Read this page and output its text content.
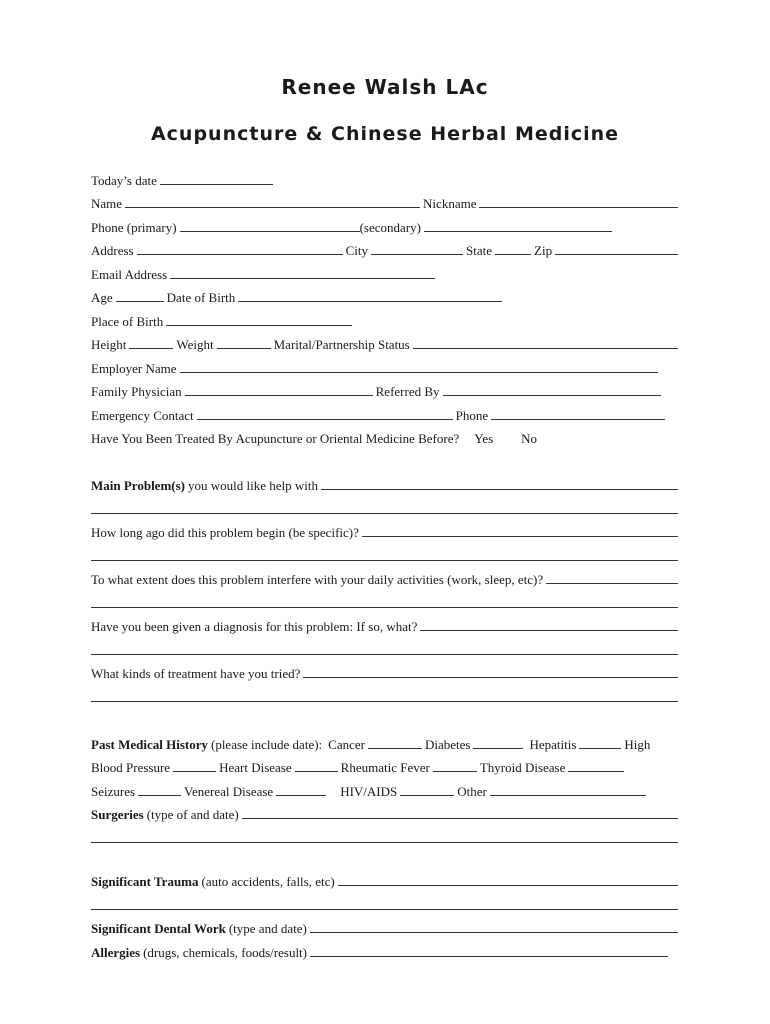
Renee Walsh LAc
Acupuncture & Chinese Herbal Medicine
Today’s date
Name	Nickname
Phone (primary)	(secondary)
Address	City	State	Zip
Email Address
Age	Date of Birth
Place of Birth
Height	Weight	Marital/Partnership Status
Employer Name
Family Physician	Referred By
Emergency Contact	Phone
Have You Been Treated By Acupuncture or Oriental Medicine Before? Yes No
Main Problem(s) you would like help with
How long ago did this problem begin (be specific)?
To what extent does this problem interfere with your daily activities (work, sleep, etc)?
Have you been given a diagnosis for this problem: If so, what?
What kinds of treatment have you tried?
Past Medical History (please include date): Cancer	Diabetes	Hepatitis	High
Blood Pressure	Heart Disease	Rheumatic Fever	Thyroid Disease
Seizures	Venereal Disease	HIV/AIDS	Other
Surgeries (type of and date)
Significant Trauma (auto accidents, falls, etc)
Significant Dental Work (type and date)
Allergies (drugs, chemicals, foods/result)
